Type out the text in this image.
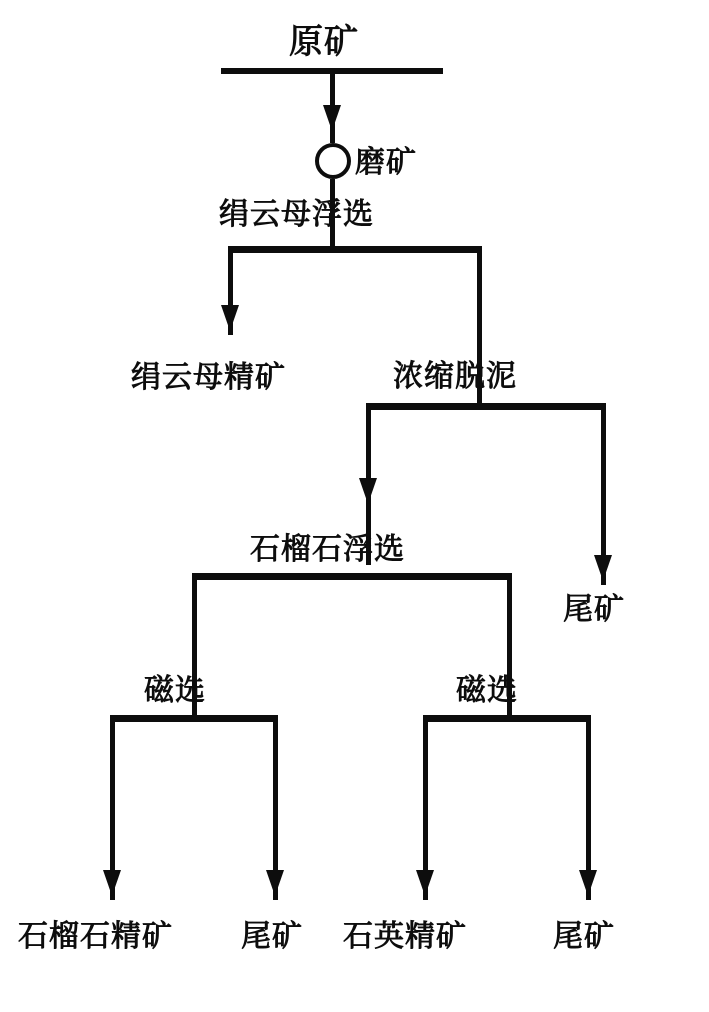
原矿
磨矿
绢云母浮选
绢云母精矿	浓缩脱泥
尾矿
石榴石浮选
磁选
石榴石精矿 尾矿
磁选
石英精矿	尾矿
